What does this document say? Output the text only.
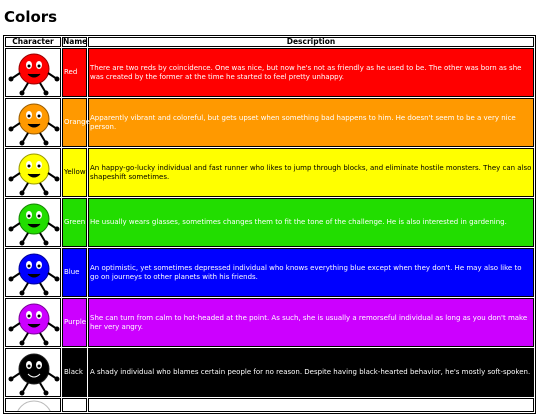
Colors
Character	Name	Description

	Red	There are two reds by coincidence. One was nice, but now he's not as friendly as he used to be. The other was born as she was created by the former at the time he started to feel pretty unhappy.

	Orange	Apparently vibrant and coloreful, but gets upset when something bad happens to him. He doesn't seem to be a very nice person.

	Yellow	An happy-go-lucky individual and fast runner who likes to jump through blocks, and eliminate hostile monsters. They can also shapeshift sometimes.

	Green	He usually wears glasses, sometimes changes them to fit the tone of the challenge. He is also interested in gardening.

	Blue	An optimistic, yet sometimes depressed individual who knows everything blue except when they don't. He may also like to go on journeys to other planets with his friends.

	Purple	She can turn from calm to hot-headed at the point. As such, she is usually a remorseful individual as long as you don't make her very angry.

	Black	A shady individual who blames certain people for no reason. Despite having black-hearted behavior, he's mostly soft-spoken.
